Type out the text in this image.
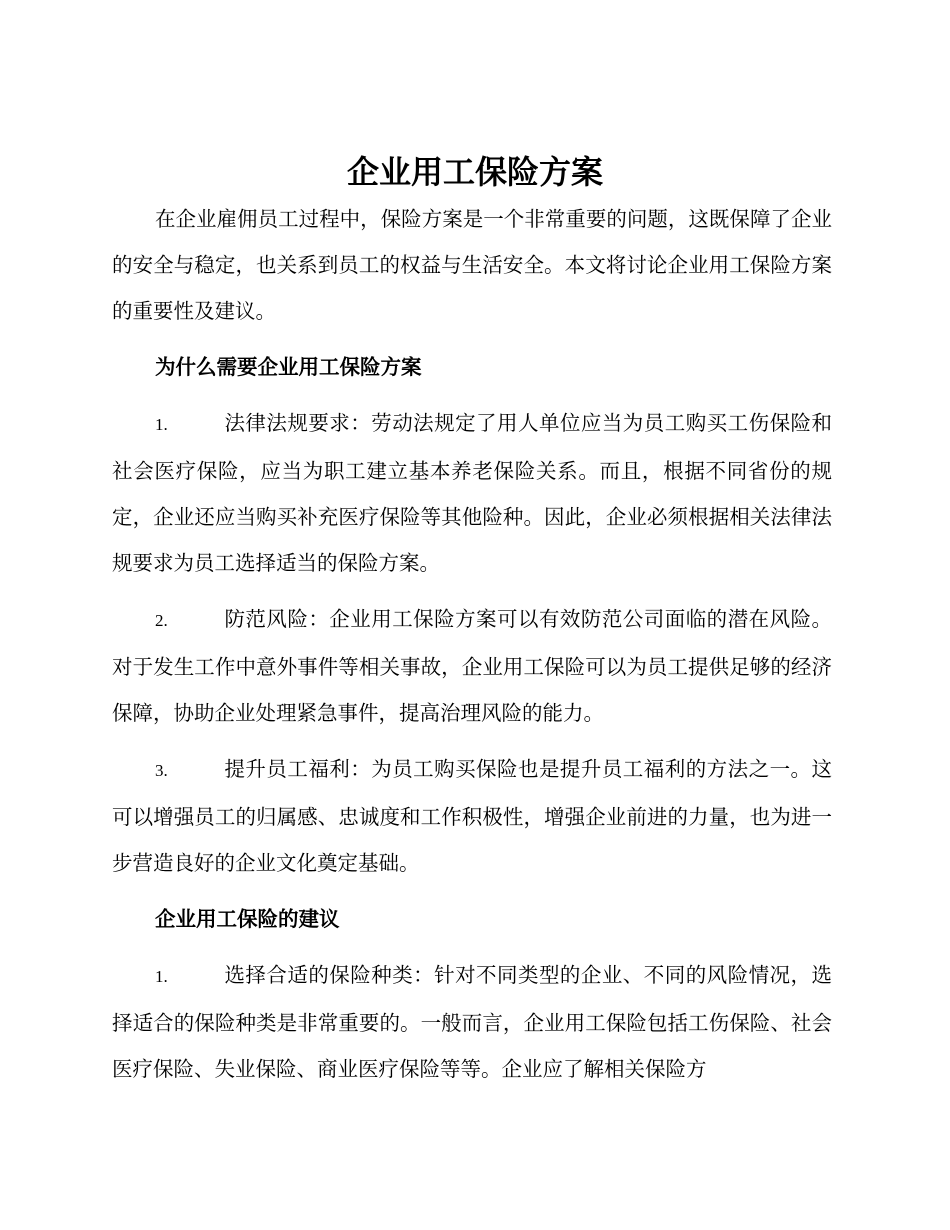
企业用工保险方案

在企业雇佣员工过程中，保险方案是一个非常重要的问题，这既保障了企业的安全与稳定，也关系到员工的权益与生活安全。本文将讨论企业用工保险方案的重要性及建议。

为什么需要企业用工保险方案
1.	法律法规要求：劳动法规定了用人单位应当为员工购买工伤保险和社会医疗保险，应当为职工建立基本养老保险关系。而且，根据不同省份的规定，企业还应当购买补充医疗保险等其他险种。因此，企业必须根据相关法律法规要求为员工选择适当的保险方案。
2.	防范风险：企业用工保险方案可以有效防范公司面临的潜在风险。对于发生工作中意外事件等相关事故，企业用工保险可以为员工提供足够的经济保障，协助企业处理紧急事件，提高治理风险的能力。
3.	提升员工福利：为员工购买保险也是提升员工福利的方法之一。这可以增强员工的归属感、忠诚度和工作积极性，增强企业前进的力量，也为进一步营造良好的企业文化奠定基础。
企业用工保险的建议
1.	选择合适的保险种类：针对不同类型的企业、不同的风险情况，选择适合的保险种类是非常重要的。一般而言，企业用工保险包括工伤保险、社会医疗保险、失业保险、商业医疗保险等等。企业应了解相关保险方
